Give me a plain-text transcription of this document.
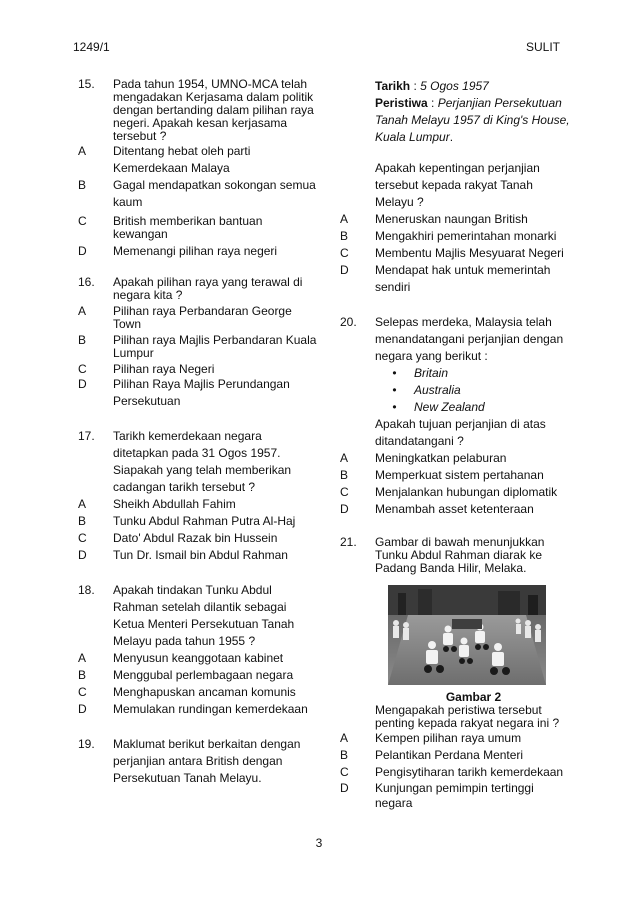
1249/1	SULIT
15.	Pada tahun 1954, UMNO-MCA telah mengadakan Kerjasama dalam politik dengan bertanding dalam pilihan raya negeri. Apakah kesan kerjasama tersebut ?
A	Ditentang hebat oleh parti Kemerdekaan Malaya
B	Gagal mendapatkan sokongan semua kaum
C	British memberikan bantuan kewangan
D	Memenangi pilihan raya negeri
16.	Apakah pilihan raya yang terawal di negara kita ?
A	Pilihan raya Perbandaran George Town
B	Pilihan raya Majlis Perbandaran Kuala Lumpur
C	Pilihan raya Negeri
D	Pilihan Raya Majlis Perundangan Persekutuan
17.	Tarikh kemerdekaan negara ditetapkan pada 31 Ogos 1957. Siapakah yang telah memberikan cadangan tarikh tersebut ?
A	Sheikh Abdullah Fahim
B	Tunku Abdul Rahman Putra Al-Haj
C	Dato' Abdul Razak bin Hussein
D	Tun Dr. Ismail bin Abdul Rahman
18.	Apakah tindakan Tunku Abdul Rahman setelah dilantik sebagai Ketua Menteri Persekutuan Tanah Melayu pada tahun 1955 ?
A	Menyusun keanggotaan kabinet
B	Menggubal perlembagaan negara
C	Menghapuskan ancaman komunis
D	Memulakan rundingan kemerdekaan
19.	Maklumat berikut berkaitan dengan perjanjian antara British dengan Persekutuan Tanah Melayu.
Tarikh : 5 Ogos 1957
Peristiwa : Perjanjian Persekutuan Tanah Melayu 1957 di King's House, Kuala Lumpur.
Apakah kepentingan perjanjian tersebut kepada rakyat Tanah Melayu ?
A	Meneruskan naungan British
B	Mengakhiri pemerintahan monarki
C	Membentu Majlis Mesyuarat Negeri
D	Mendapat hak untuk memerintah sendiri
20.	Selepas merdeka, Malaysia telah menandatangani perjanjian dengan negara yang berikut :
•	Britain
•	Australia
•	New Zealand
Apakah tujuan perjanjian di atas ditandatangani ?
A	Meningkatkan pelaburan
B	Memperkuat sistem pertahanan
C	Menjalankan hubungan diplomatik
D	Menambah asset ketenteraan
21.	Gambar di bawah menunjukkan Tunku Abdul Rahman diarak ke Padang Banda Hilir, Melaka.
Gambar 2
Mengapakah peristiwa tersebut penting kepada rakyat negara ini ?
A	Kempen pilihan raya umum
B	Pelantikan Perdana Menteri
C	Pengisytiharan tarikh kemerdekaan
D	Kunjungan pemimpin tertinggi negara
3
